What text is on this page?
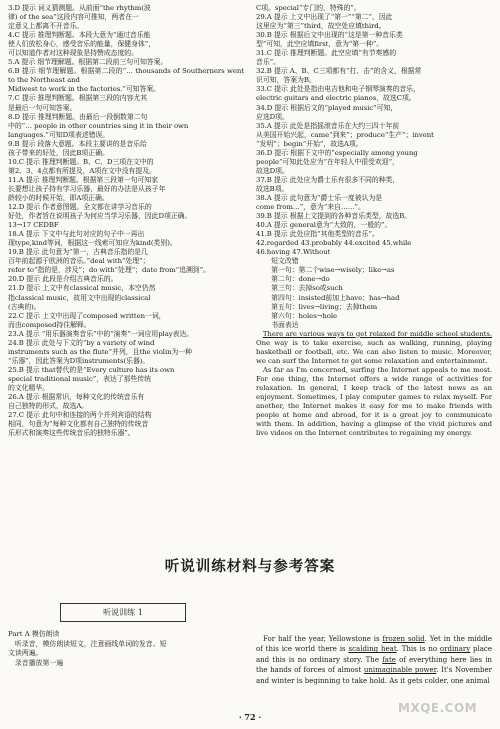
3.D 提示 词义猜测题。从前面“the rhythm(波

律) of the sea”这段内容可推知，两者在一

定意义上都离不开音乐。

4.C 提示 推理判断题。本段大意为“通过音乐能

使人们放松身心，感受音乐的能量，保健身体”，

可以知道作者对这种现象是持赞成态度的。

5.A 提示 细节理解题。根据第二段前三句可知答案。

6.B 提示 细节理解题。根据第二段的“… thousands of Southerners went to the Northeast and

Midwest to work in the factories.”可知答案。

7.C 提示 推理判断题。根据第三段的内容尤其

是最后一句可知答案。

8.D 提示 推理判断题。由最后一段倒数第二句

中的“… people in other countries sing it in their own

languages.”可知D项表述错误。

9.B 提示 段落大意题。本段主要讲的是音乐给

孩子带来的好处，因此B项正确。

10.C 提示 推理判断题。B、C、D三项在文中的

第2、3、4点都有所提及，A项在文中没有提及。

11.A 提示 推理判断题。根据第三段第一句可知家

长要想让孩子持有学习乐器，最好的办法是从孩子年

龄较小的时候开始，即A项正确。

12.D 提示 作者意图题。全文都在讲学习音乐的

好处，作者旨在说明孩子为何应当学习乐器，因此D项正确。

13→17 CEDBF

18.A 提示 下文中与此句对应的句子中一再出

现type,kind等词，根据这一线索可知应为kind(类别)。

19.B 提示 此句意为“第一，古典音乐指的是几

百年前起源于欧洲的音乐。”deal with“处理”；

refer to“指的是，涉及”；do with“处理”；date from“追溯到”。

20.D 提示 此段是介绍古典音乐的。

21.D 提示 上文中有classical music，本空仍然

指classical music，故用文中出现的classical

(古典的)。

22.C 提示 上文中出现了composed written一词，

而由composed持住解释。

23.A 提示 “用乐器演奏音乐”中的“演奏”一词应用play表达。

24.B 提示 此处与下文的“by a variety of wind

instruments such as the flute”并列，且the violin为一种

“乐器”，因此答案为D项instruments(乐器)。

25.B 提示 that替代的是“Every culture has its own

special traditional music”，表达了那些传统

的文化精华。

26.A 提示 根据常识，每种文化的传统音乐有

自己独特的形式，故选A。

27.C 提示 此句中和连接的两个并列宾语的结构

相同，句意为“每种文化都有自己独特的传统音

乐形式和演奏这些传统音乐的独特乐器”。

C项。special“专门的，特殊的”。

29.A 提示 上文中出现了“第一”“第二”，因此

这里应为“第三”third，故空处应填third。

30.B 提示 根据后文中出现的“这是第一种音乐类

型”可知，此空应填first，意为“第一种”。

31.C 提示 推理判断题。此空应填“有节奏感的

音乐”。

32.B 提示 A、B、C三项都有“打、击”的含义，根据常

识可知，答案为B。

33.C 提示 此处是指由电吉他和电子钢琴演奏的音乐，

electric guitars and electric pianos，故选C项。

34.D 提示 根据后文的“played music”可知，

应选D项。

35.A 提示 此处是指摇滚音乐在大约三四十年前

从美国开始兴起，came“到来”；produce“生产”；invent

“发明”；begin“开始”，故选A项。

36.D 提示 根据下文中的“especially among young

people”可知此处应为“在年轻人中很受欢迎”，

故选D项。

37.B 提示 此处应为爵士乐有很多不同的种类，

故选B项。

38.A 提示 此句意为“爵士乐一度被认为是

come from…”，意为“来自……”。

39.B 提示 根据上文提到的各种音乐类型，故选B。

40.A 提示 general意为“大致的，一般的”。

41.B 提示 此处应指“其他类型的音乐”。

42.regarded 43.probably 44.excited 45.while

46.having 47.Without

短文改错

第一句：第二个wise→wisely；like→as

第二句：done→do

第三句：去掉so或such

第四句：insisted前加上have；has→had

第五句：lives→living；去掉them

第六句：holes→hole

书面表达

There are various ways to get relaxed for middle school students. One way is to take exercise, such as walking, running, playing basketball or football, etc. We can also listen to music. Moreover, we can surf the Internet to get some relaxation and entertainment.

As far as I'm concerned, surfing the Internet appeals to me most. For one thing, the Internet offers a wide range of activities for relaxation. In general, I keep track of the latest news as an enjoyment. Sometimes, I play computer games to relax myself. For another, the Internet makes it easy for me to make friends with people at home and abroad, for it is a great joy to communicate with them. In addition, having a glimpse of the vivid pictures and live videos on the Internet contributes to regaining my energy.

听说训练材料与参考答案
听说训练 1

Part A 模仿朗读

听录音，模仿朗读短文，注意画线单词的发音。短

文读两遍。

录音播放第一遍

For half the year, Yellowstone is frozen solid. Yet in the middle of this ice world there is scalding heat. This is no ordinary place and this is no ordinary story. The fate of everything here lies in the hands of forces of almost unimaginable power. It's November and winter is beginning to take hold. As it gets colder, one animal

· 72 ·
MXQE.COM
